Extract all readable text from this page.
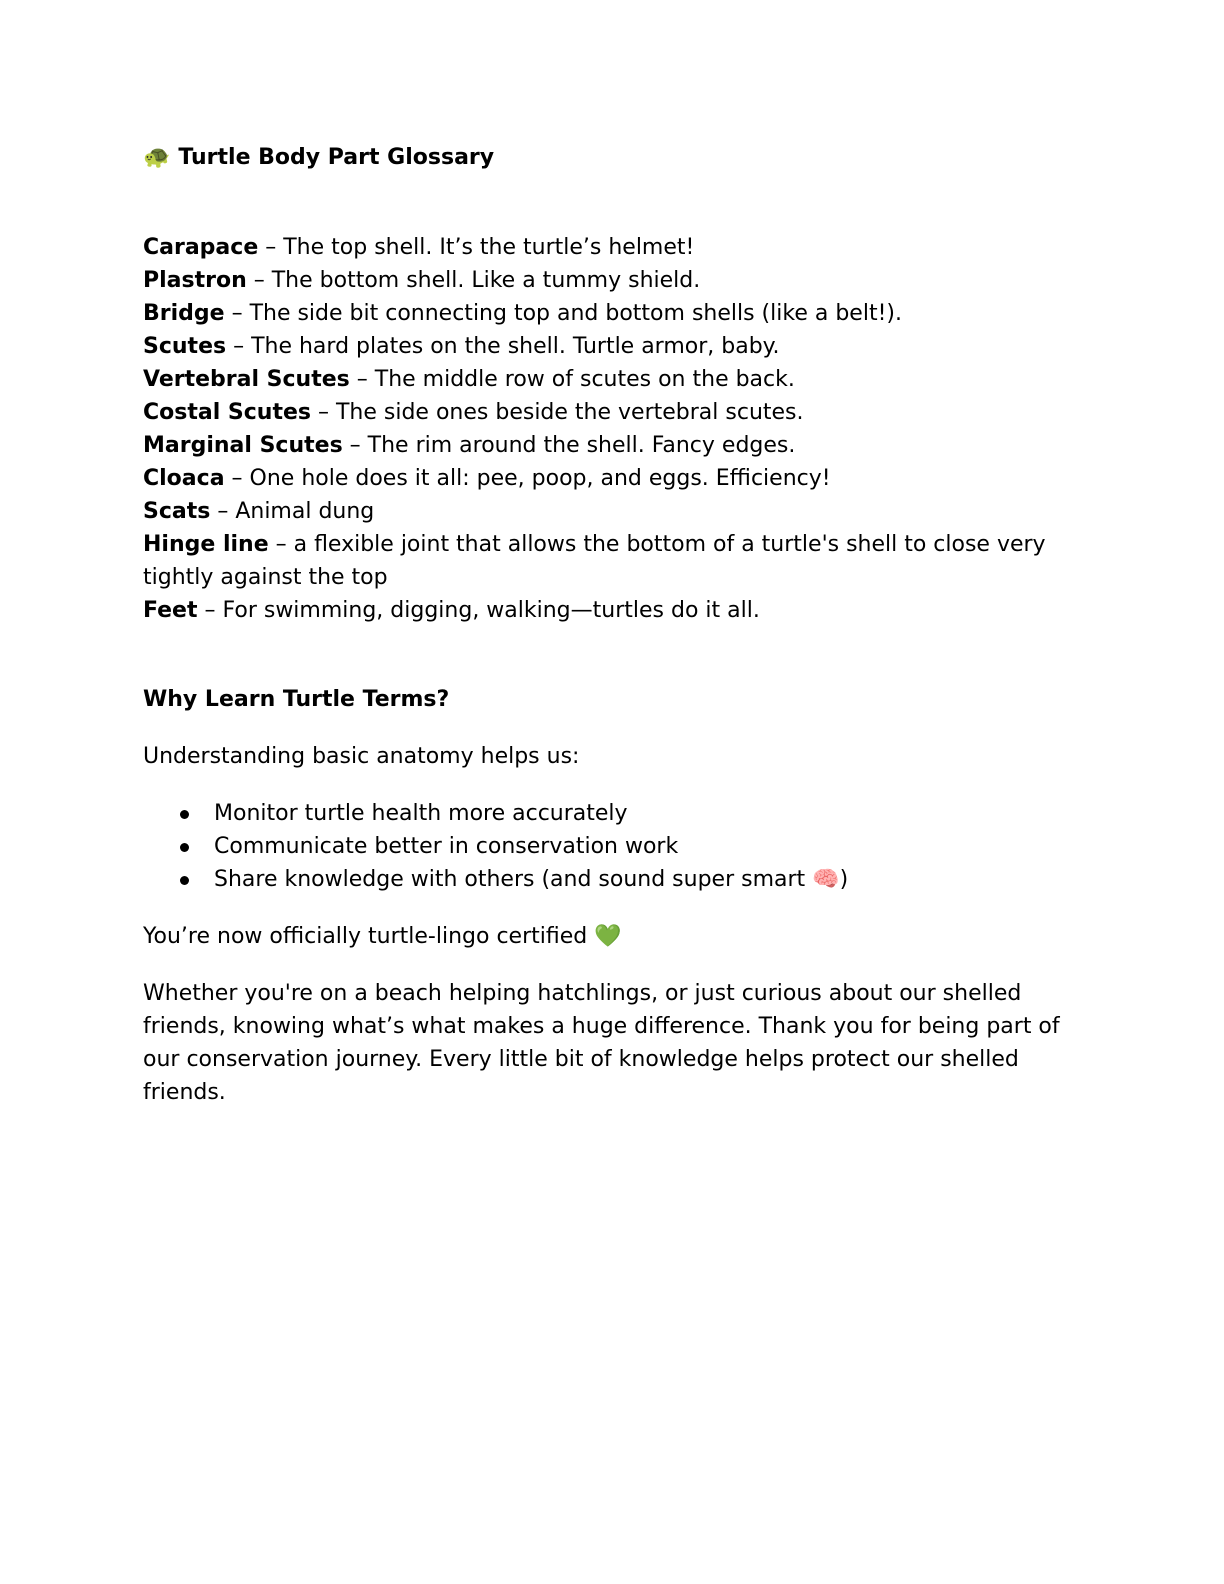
🐢 Turtle Body Part Glossary

Carapace – The top shell. It’s the turtle’s helmet!

Plastron – The bottom shell. Like a tummy shield.

Bridge – The side bit connecting top and bottom shells (like a belt!).

Scutes – The hard plates on the shell. Turtle armor, baby.

Vertebral Scutes – The middle row of scutes on the back.

Costal Scutes – The side ones beside the vertebral scutes.

Marginal Scutes – The rim around the shell. Fancy edges.

Cloaca – One hole does it all: pee, poop, and eggs. Efficiency!

Scats – Animal dung

Hinge line – a flexible joint that allows the bottom of a turtle's shell to close very tightly against the top

Feet – For swimming, digging, walking—turtles do it all.

Why Learn Turtle Terms?
Understanding basic anatomy helps us:
Monitor turtle health more accurately
Communicate better in conservation work
Share knowledge with others (and sound super smart 🧠)
You’re now officially turtle-lingo certified 💚
Whether you're on a beach helping hatchlings, or just curious about our shelled friends, knowing what’s what makes a huge difference. Thank you for being part of our conservation journey. Every little bit of knowledge helps protect our shelled friends.
